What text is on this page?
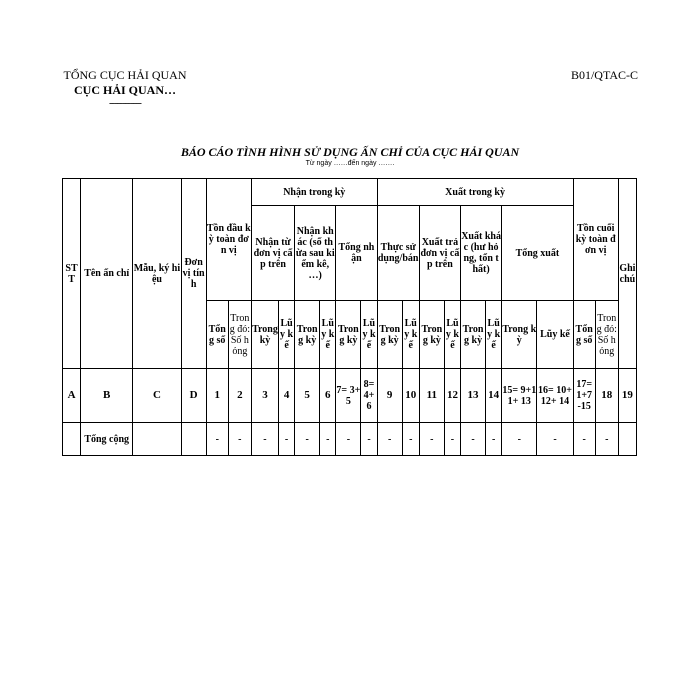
TỔNG CỤC HẢI QUAN
CỤC HẢI QUAN…
------------
B01/QTAC-C
BÁO CÁO TÌNH HÌNH SỬ DỤNG ẤN CHỈ CỦA CỤC HẢI QUAN
Từ ngày ……đến ngày …….
STT	Tên ấn chỉ	Mẫu, ký hiệu	Đơn vị tính	Tồn đầu kỳ toàn đơn vị		Nhận trong kỳ						Xuất trong kỳ								Tồn cuối kỳ toàn đơn vị		Ghi chú
						Nhận từ đơn vị cấp trên		Nhận khác (số thừa sau kiểm kê, …)		Tổng nhận		Thực sử dụng/bán		Xuất trả đơn vị cấp trên		Xuất khác (hư hỏng, tổn thất)		Tổng xuất				
				Tổng số	Trong đó: Số hỏng	Trong kỳ	Lũy kế	Trong kỳ	Lũy kế	Trong kỳ	Lũy kế	Trong kỳ	Lũy kế	Trong kỳ	Lũy kế	Trong kỳ	Lũy kế	Trong kỳ	Lũy kế	Tổng số	Trong đó: Số hỏng	
A	B	C	D	1	2	3	4	5	6	7= 3+5	8= 4+ 6	9	10	11	12	13	14	15= 9+11+ 13	16= 10+12+ 14	17= 1+7 -15	18	19
	Tổng cộng			-	-	-	-	-	-	-	-	-	-	-	-	-	-	-	-	-	-	
